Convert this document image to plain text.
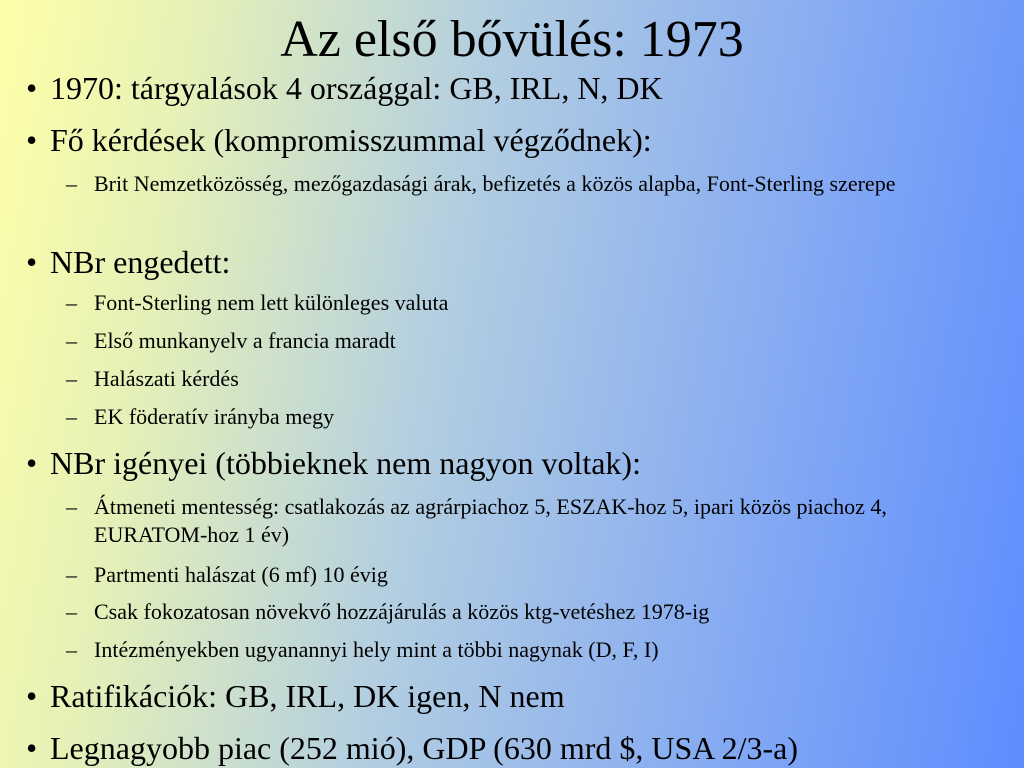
Az első bővülés: 1973
• 1970: tárgyalások 4 országgal: GB, IRL, N, DK
• Fő kérdések (kompromisszummal végződnek):
– Brit Nemzetközösség, mezőgazdasági árak, befizetés a közös alapba, Font-Sterling szerepe
• NBr engedett:
– Font-Sterling nem lett különleges valuta
– Első munkanyelv a francia maradt
– Halászati kérdés
– EK föderatív irányba megy
• NBr igényei (többieknek nem nagyon voltak):
– Átmeneti mentesség: csatlakozás az agrárpiachoz 5, ESZAK-hoz 5, ipari közös piachoz 4, EURATOM-hoz 1 év)
– Partmenti halászat (6 mf) 10 évig
– Csak fokozatosan növekvő hozzájárulás a közös ktg-vetéshez 1978-ig
– Intézményekben ugyanannyi hely mint a többi nagynak (D, F, I)
• Ratifikációk: GB, IRL, DK igen, N nem
• Legnagyobb piac (252 mió), GDP (630 mrd $, USA 2/3-a)
